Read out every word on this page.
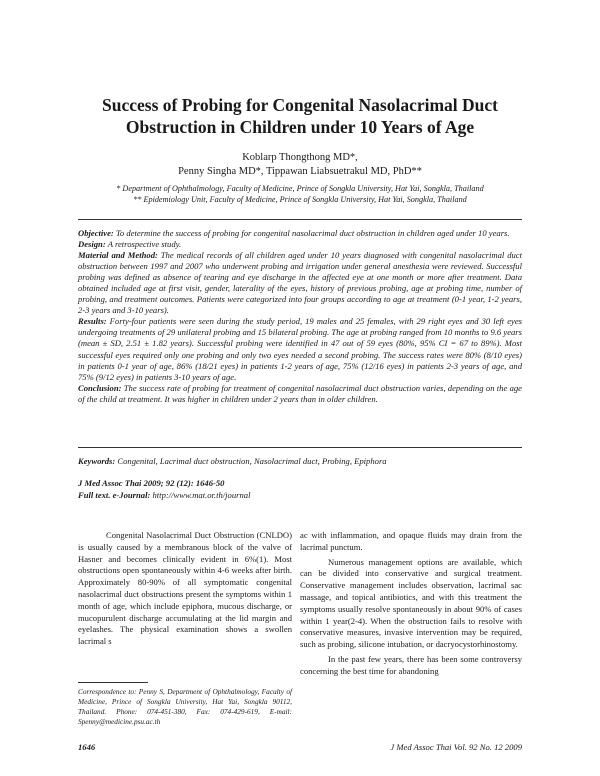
Success of Probing for Congenital Nasolacrimal Duct
Obstruction in Children under 10 Years of Age
Koblarp Thongthong MD*,
Penny Singha MD*, Tippawan Liabsuetrakul MD, PhD**
* Department of Ophthalmology, Faculty of Medicine, Prince of Songkla University, Hat Yai, Songkla, Thailand
** Epidemiology Unit, Faculty of Medicine, Prince of Songkla University, Hat Yai, Songkla, Thailand

Objective: To determine the success of probing for congenital nasolacrimal duct obstruction in children aged under 10 years.

Design: A retrospective study.

Material and Method: The medical records of all children aged under 10 years diagnosed with congenital nasolacrimal duct obstruction between 1997 and 2007 who underwent probing and irrigation under general anesthesia were reviewed. Successful probing was defined as absence of tearing and eye discharge in the affected eye at one month or more after treatment. Data obtained included age at first visit, gender, laterality of the eyes, history of previous probing, age at probing time, number of probing, and treatment outcomes. Patients were categorized into four groups according to age at treatment (0-1 year, 1-2 years, 2-3 years and 3-10 years).

Results: Forty-four patients were seen during the study period, 19 males and 25 females, with 29 right eyes and 30 left eyes undergoing treatments of 29 unilateral probing and 15 bilateral probing. The age at probing ranged from 10 months to 9.6 years (mean ± SD, 2.51 ± 1.82 years). Successful probing were identified in 47 out of 59 eyes (80%, 95% CI = 67 to 89%). Most successful eyes required only one probing and only two eyes needed a second probing. The success rates were 80% (8/10 eyes) in patients 0-1 year of age, 86% (18/21 eyes) in patients 1-2 years of age, 75% (12/16 eyes) in patients 2-3 years of age, and 75% (9/12 eyes) in patients 3-10 years of age.

Conclusion: The success rate of probing for treatment of congenital nasolacrimal duct obstruction varies, depending on the age of the child at treatment. It was higher in children under 2 years than in older children.

Keywords: Congenital, Lacrimal duct obstruction, Nasolacrimal duct, Probing, Epiphora
J Med Assoc Thai 2009; 92 (12): 1646-50
Full text. e-Journal: http://www.mat.or.th/journal

Congenital Nasolacrimal Duct Obstruction (CNLDO) is usually caused by a membranous block of the valve of Hasner and becomes clinically evident in 6%(1). Most obstructions open spontaneously within 4-6 weeks after birth. Approximately 80-90% of all symptomatic congenital nasolacrimal duct obstructions present the symptoms within 1 month of age, which include epiphora, mucous discharge, or mucopurulent discharge accumulating at the lid margin and eyelashes. The physical examination shows a swollen lacrimal s

ac with inflammation, and opaque fluids may drain from the lacrimal punctum.

Numerous management options are available, which can be divided into conservative and surgical treatment. Conservative management includes observation, lacrimal sac massage, and topical antibiotics, and with this treatment the symptoms usually resolve spontaneously in about 90% of cases within 1 year(2-4). When the obstruction fails to resolve with conservative measures, invasive intervention may be required, such as probing, silicone intubation, or dacryocystorhinostomy.

In the past few years, there has been some controversy concerning the best time for abandoning

Correspondence to: Penny S, Department of Ophthalmology, Faculty of Medicine, Prince of Songkla University, Hat Yai, Songkla 90112, Thailand. Phone: 074-451-380, Fax: 074-429-619, E-mail: Spenny@medicine.psu.ac.th
1646	J Med Assoc Thai Vol. 92 No. 12 2009
